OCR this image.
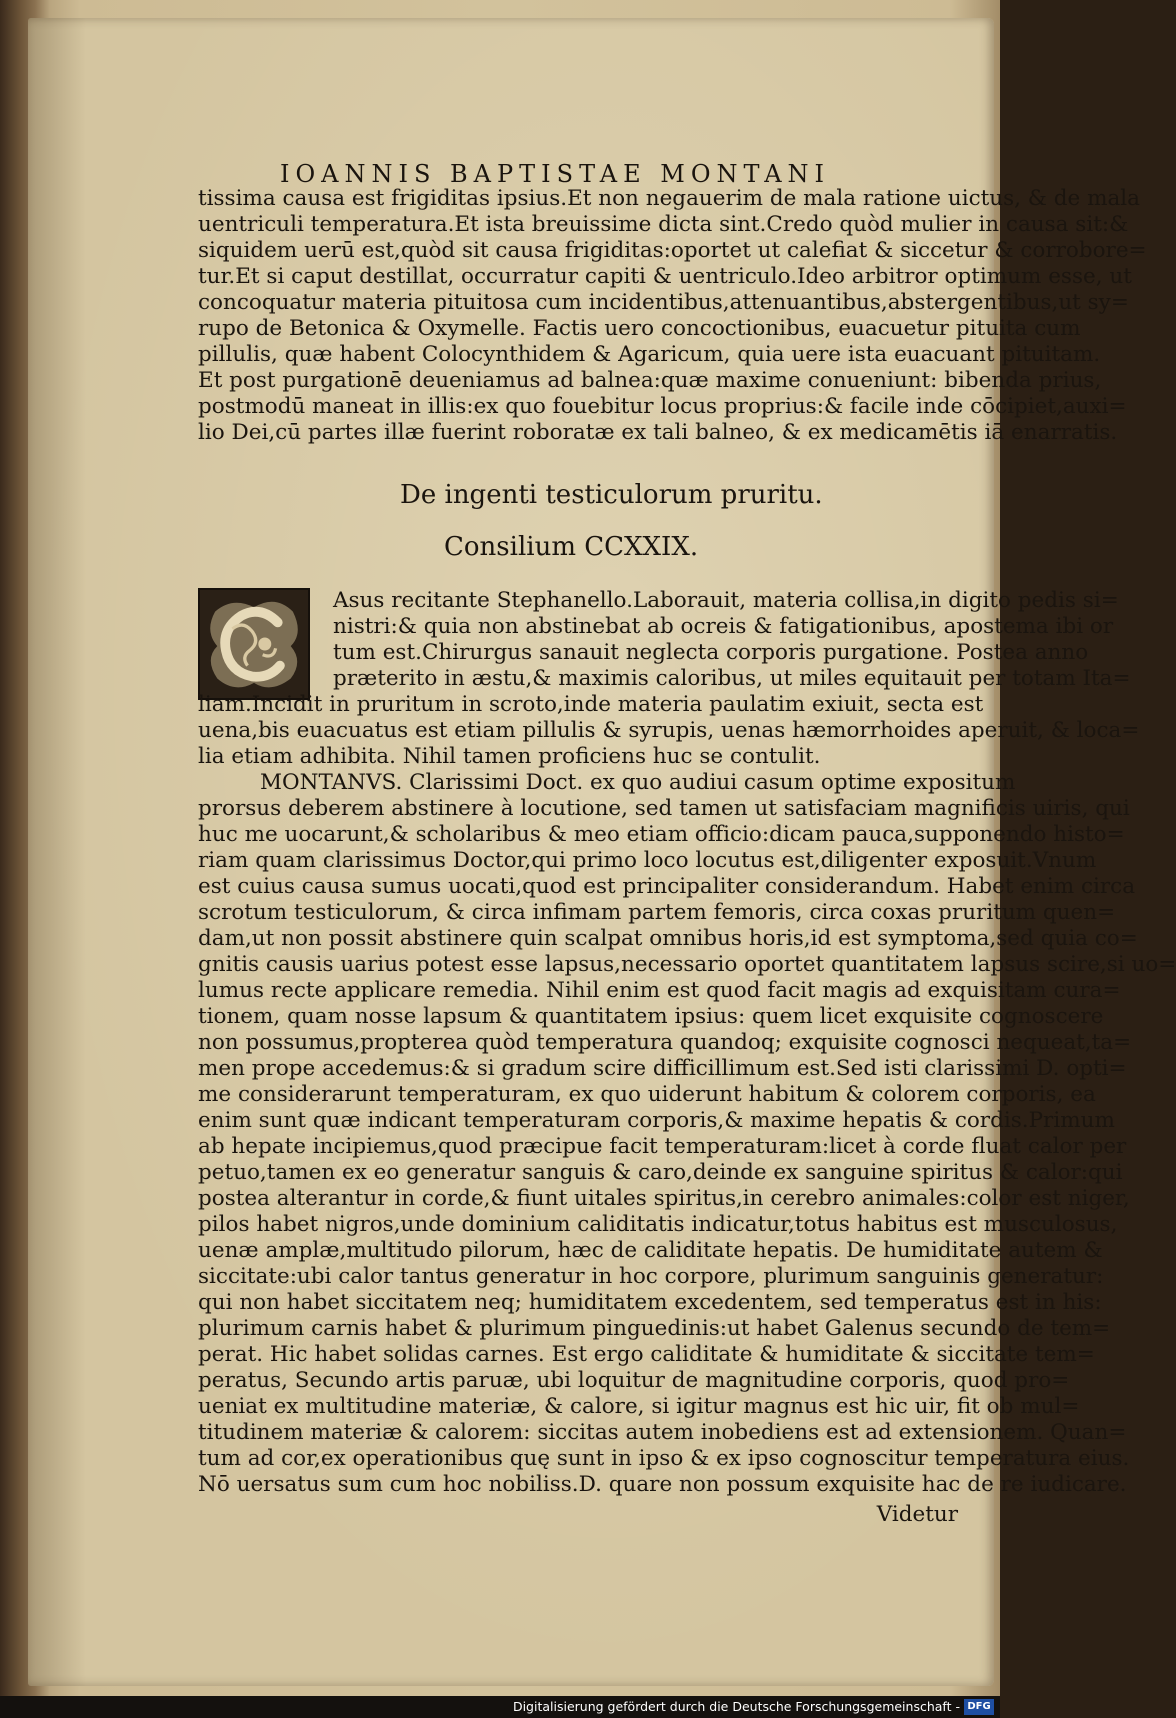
IOANNIS BAPTISTAE MONTANI
tissima causa est frigiditas ipsius.Et non negauerim de mala ratione uictus, & de mala
uentriculi temperatura.Et ista breuissime dicta sint.Credo quòd mulier in causa sit:&
siquidem uerū est,quòd sit causa frigiditas:oportet ut calefiat & siccetur & corrobore=
tur.Et si caput destillat, occurratur capiti & uentriculo.Ideo arbitror optimum esse, ut
concoquatur materia pituitosa cum incidentibus,attenuantibus,abstergentibus,ut sy=
rupo de Betonica & Oxymelle. Factis uero concoctionibus, euacuetur pituita cum
pillulis, quæ habent Colocynthidem & Agaricum, quia uere ista euacuant pituitam.
Et post purgationē deueniamus ad balnea:quæ maxime conueniunt: bibenda prius,
postmodū maneat in illis:ex quo fouebitur locus proprius:& facile inde cōcipiet,auxi=
lio Dei,cū partes illæ fuerint roboratæ ex tali balneo, & ex medicamētis iā enarratis.
De ingenti testiculorum pruritu.
Consilium CCXXIX.
Asus recitante Stephanello.Laborauit, materia collisa,in digito pedis si=
nistri:& quia non abstinebat ab ocreis & fatigationibus, apostema ibi or
tum est.Chirurgus sanauit neglecta corporis purgatione. Postea anno
præterito in æstu,& maximis caloribus, ut miles equitauit per totam Ita=
liam.Incidit in pruritum in scroto,inde materia paulatim exiuit, secta est
uena,bis euacuatus est etiam pillulis & syrupis, uenas hæmorrhoides aperuit, & loca=
lia etiam adhibita. Nihil tamen proficiens huc se contulit.
MONTANVS. Clarissimi Doct. ex quo audiui casum optime expositum
prorsus deberem abstinere à locutione, sed tamen ut satisfaciam magnificis uiris, qui
huc me uocarunt,& scholaribus & meo etiam officio:dicam pauca,supponendo histo=
riam quam clarissimus Doctor,qui primo loco locutus est,diligenter exposuit.Vnum
est cuius causa sumus uocati,quod est principaliter considerandum. Habet enim circa
scrotum testiculorum, & circa infimam partem femoris, circa coxas pruritum quen=
dam,ut non possit abstinere quin scalpat omnibus horis,id est symptoma,sed quia co=
gnitis causis uarius potest esse lapsus,necessario oportet quantitatem lapsus scire,si uo=
lumus recte applicare remedia. Nihil enim est quod facit magis ad exquisitam cura=
tionem, quam nosse lapsum & quantitatem ipsius: quem licet exquisite cognoscere
non possumus,propterea quòd temperatura quandoq; exquisite cognosci nequeat,ta=
men prope accedemus:& si gradum scire difficillimum est.Sed isti clarissimi D. opti=
me considerarunt temperaturam, ex quo uiderunt habitum & colorem corporis, ea
enim sunt quæ indicant temperaturam corporis,& maxime hepatis & cordis.Primum
ab hepate incipiemus,quod præcipue facit temperaturam:licet à corde fluat calor per
petuo,tamen ex eo generatur sanguis & caro,deinde ex sanguine spiritus & calor:qui
postea alterantur in corde,& fiunt uitales spiritus,in cerebro animales:color est niger,
pilos habet nigros,unde dominium caliditatis indicatur,totus habitus est musculosus,
uenæ amplæ,multitudo pilorum, hæc de caliditate hepatis. De humiditate autem &
siccitate:ubi calor tantus generatur in hoc corpore, plurimum sanguinis generatur:
qui non habet siccitatem neq; humiditatem excedentem, sed temperatus est in his:
plurimum carnis habet & plurimum pinguedinis:ut habet Galenus secundo de tem=
perat. Hic habet solidas carnes. Est ergo caliditate & humiditate & siccitate tem=
peratus, Secundo artis paruæ, ubi loquitur de magnitudine corporis, quod pro=
ueniat ex multitudine materiæ, & calore, si igitur magnus est hic uir, fit ob mul=
titudinem materiæ & calorem: siccitas autem inobediens est ad extensionem. Quan=
tum ad cor,ex operationibus quę sunt in ipso & ex ipso cognoscitur temperatura eius.
Nō uersatus sum cum hoc nobiliss.D. quare non possum exquisite hac de re iudicare.
Videtur
Digitalisierung gefördert durch die Deutsche Forschungsgemeinschaft - DFG
